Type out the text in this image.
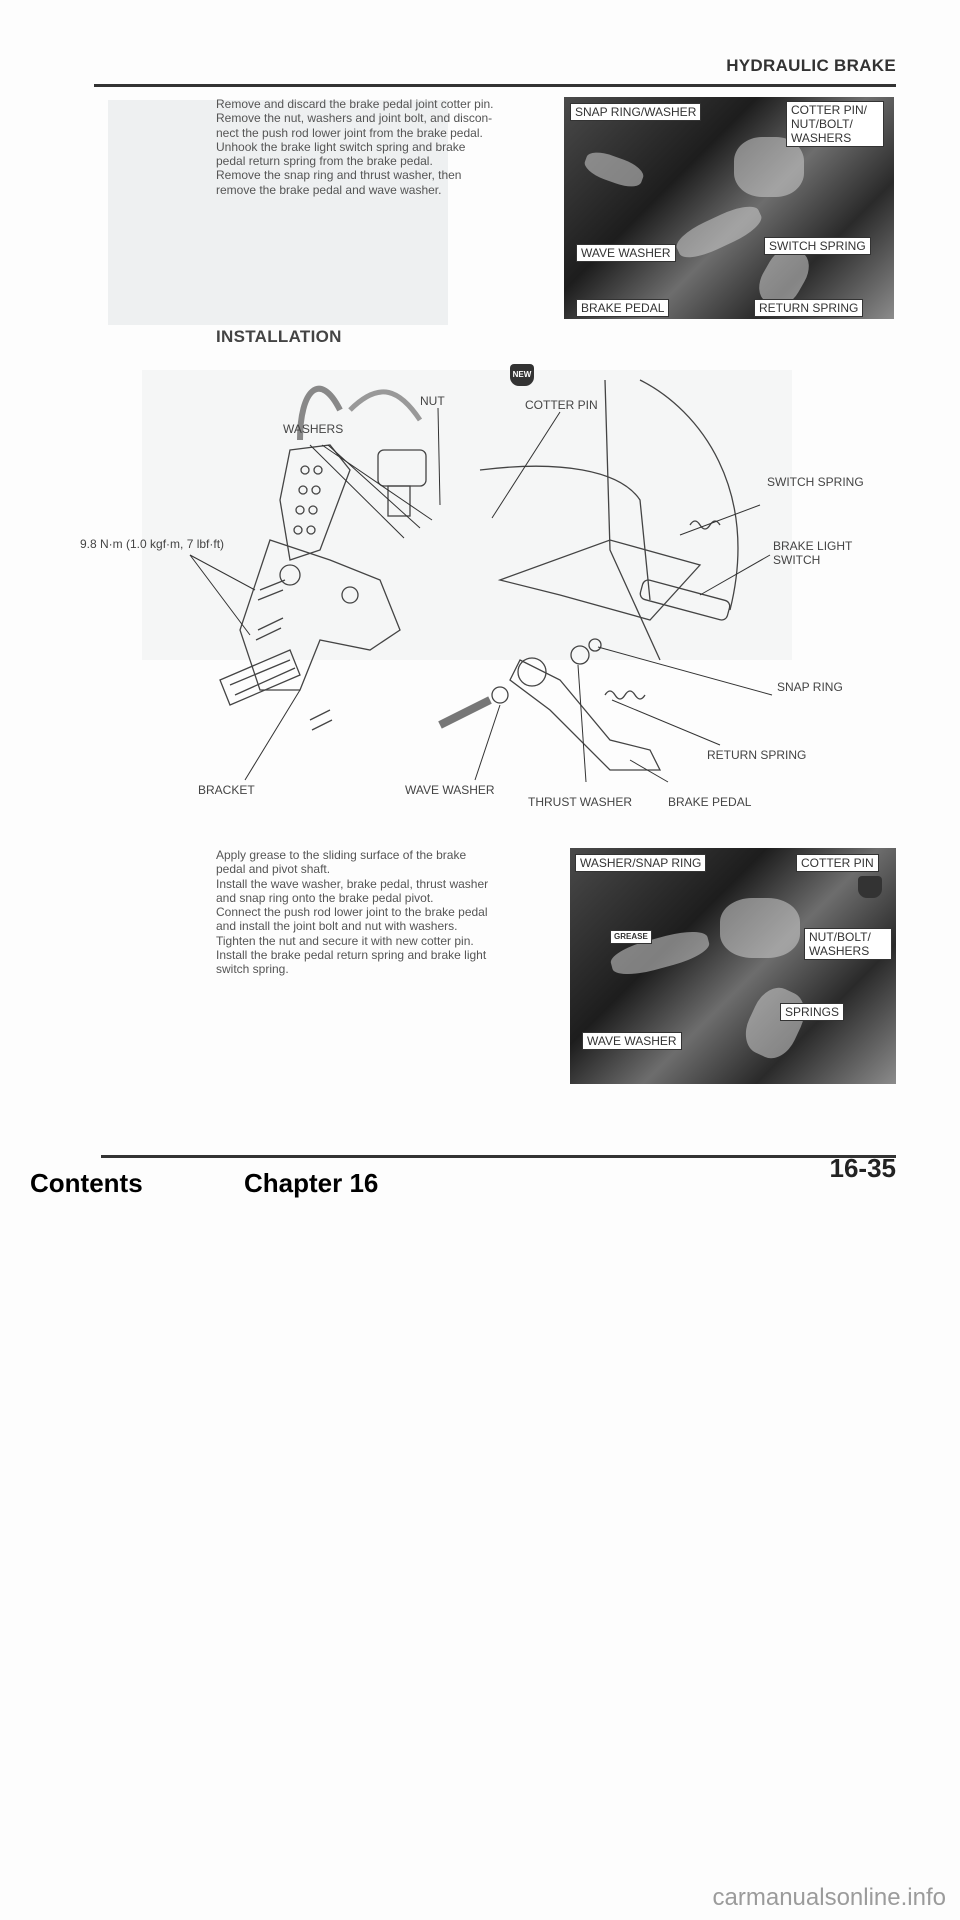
HYDRAULIC BRAKE

Remove and discard the brake pedal joint cotter pin.

Remove the nut, washers and joint bolt, and discon-

nect the push rod lower joint from the brake pedal.

Unhook the brake light switch spring and brake

pedal return spring from the brake pedal.

Remove the snap ring and thrust washer, then

remove the brake pedal and wave washer.

SNAP RING/WASHER	COTTER PIN/ NUT/BOLT/ WASHERS
WAVE WASHER	SWITCH SPRING
BRAKE PEDAL	RETURN SPRING
INSTALLATION
NEW
NUT	COTTER PIN
WASHERS
SWITCH SPRING
9.8 N·m (1.0 kgf·m, 7 lbf·ft)	BRAKE LIGHT SWITCH
SNAP RING
RETURN SPRING
BRACKET	WAVE WASHER
THRUST WASHER	BRAKE PEDAL

Apply grease to the sliding surface of the brake

pedal and pivot shaft.

Install the wave washer, brake pedal, thrust washer

and snap ring onto the brake pedal pivot.

Connect the push rod lower joint to the brake pedal

and install the joint bolt and nut with washers.

Tighten the nut and secure it with new cotter pin.

Install the brake pedal return spring and brake light

switch spring.

WASHER/SNAP RING	COTTER PIN
GREASE	NUT/BOLT/ WASHERS
SPRINGS
WAVE WASHER
Contents	Chapter 16	16-35
carmanualsonline.info
